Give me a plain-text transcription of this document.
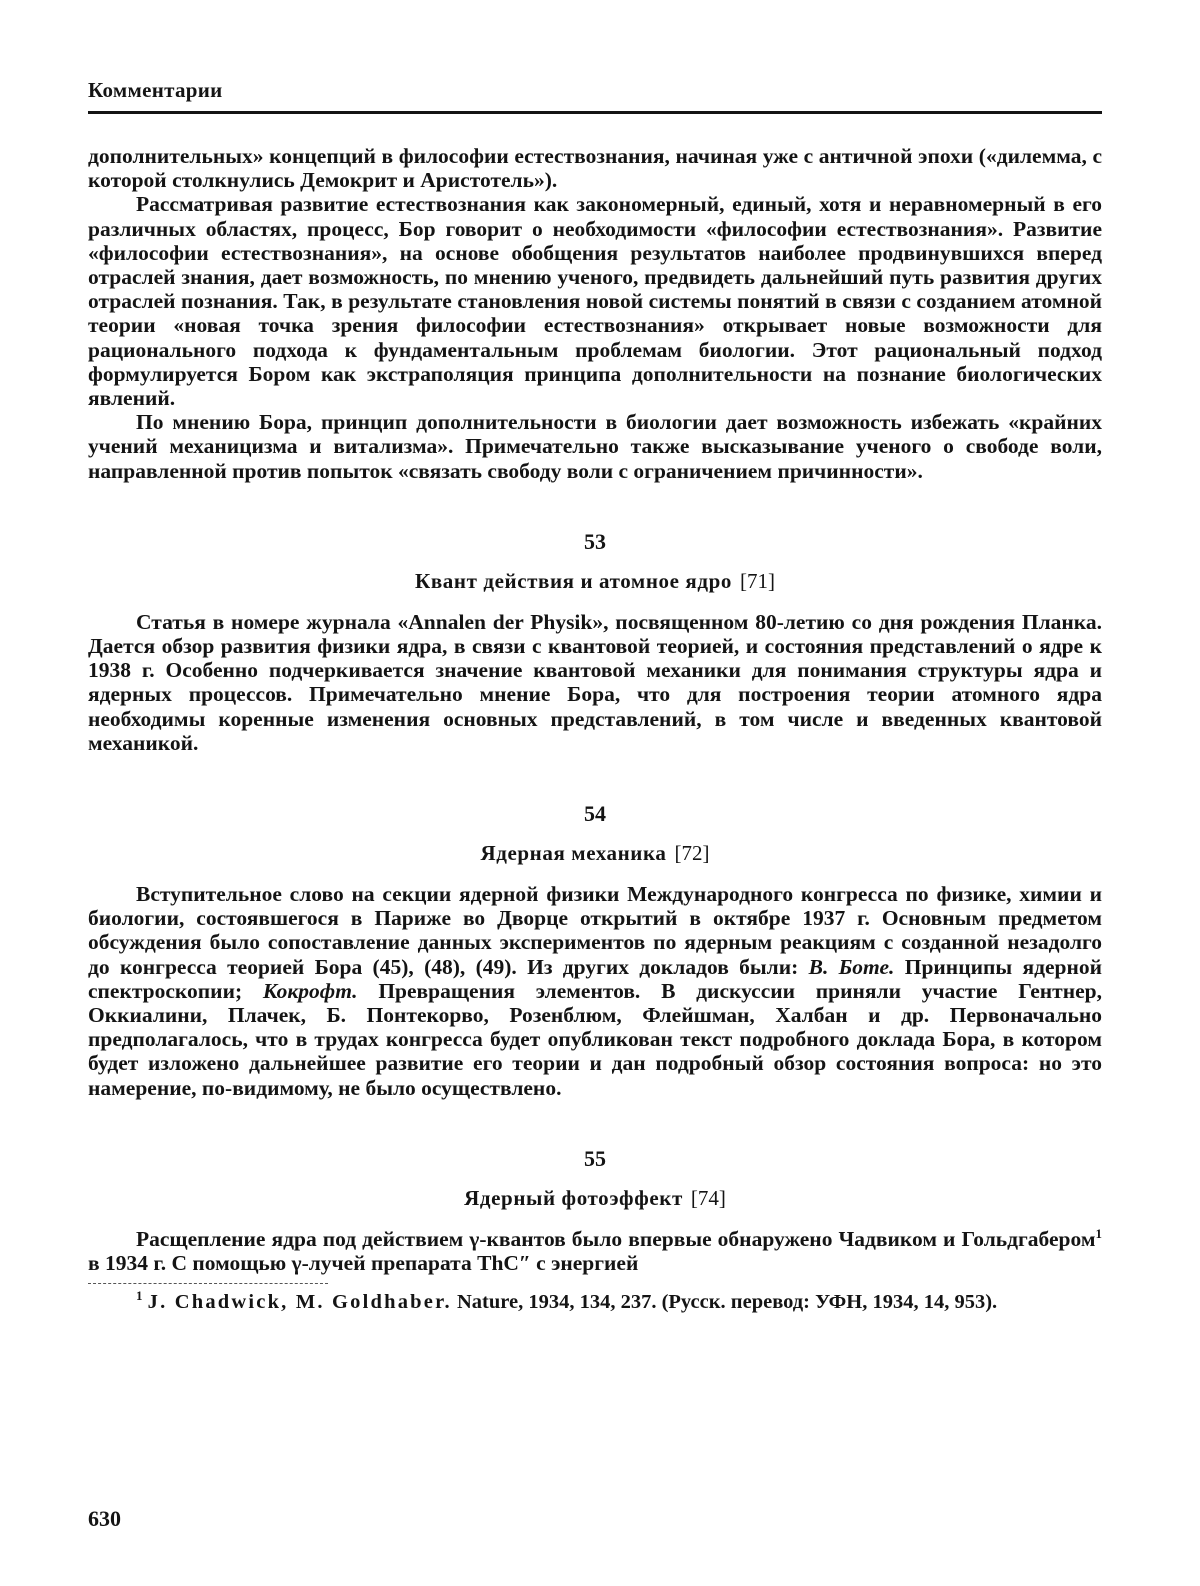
Комментарии

дополнительных» концепций в философии естествознания, начиная уже с античной эпохи («дилемма, с которой столкнулись Демокрит и Аристотель»).

Рассматривая развитие естествознания как закономерный, единый, хотя и неравномерный в его различных областях, процесс, Бор говорит о необходимости «философии естествознания». Развитие «философии естествознания», на основе обобщения результатов наиболее продвинувшихся вперед отраслей знания, дает возможность, по мнению ученого, предвидеть дальнейший путь развития других отраслей познания. Так, в результате становления новой системы понятий в связи с созданием атомной теории «новая точка зрения философии естествознания» открывает новые возможности для рационального подхода к фундаментальным проблемам биологии. Этот рациональный подход формулируется Бором как экстраполяция принципа дополнительности на познание биологических явлений.

По мнению Бора, принцип дополнительности в биологии дает возможность избежать «крайних учений механицизма и витализма». Примечательно также высказывание ученого о свободе воли, направленной против попыток «связать свободу воли с ограничением причинности».

53
Квант действия и атомное ядро [71]

Статья в номере журнала «Annalen der Physik», посвященном 80-летию со дня рождения Планка. Дается обзор развития физики ядра, в связи с квантовой теорией, и состояния представлений о ядре к 1938 г. Особенно подчеркивается значение квантовой механики для понимания структуры ядра и ядерных процессов. Примечательно мнение Бора, что для построения теории атомного ядра необходимы коренные изменения основных представлений, в том числе и введенных квантовой механикой.

54
Ядерная механика [72]

Вступительное слово на секции ядерной физики Международного конгресса по физике, химии и биологии, состоявшегося в Париже во Дворце открытий в октябре 1937 г. Основным предметом обсуждения было сопоставление данных экспериментов по ядерным реакциям с созданной незадолго до конгресса теорией Бора (45), (48), (49). Из других докладов были: В. Боте. Принципы ядерной спектроскопии; Кокрофт. Превращения элементов. В дискуссии приняли участие Гентнер, Оккиалини, Плачек, Б. Понтекорво, Розенблюм, Флейшман, Халбан и др. Первоначально предполагалось, что в трудах конгресса будет опубликован текст подробного доклада Бора, в котором будет изложено дальнейшее развитие его теории и дан подробный обзор состояния вопроса: но это намерение, по-видимому, не было осуществлено.

55
Ядерный фотоэффект [74]

Расщепление ядра под действием γ-квантов было впервые обнаружено Чадвиком и Гольдгабером$^1$ в 1934 г. С помощью γ-лучей препарата ThC″ с энергией

$^1$ J. Chadwick, M. Goldhaber. Nature, 1934, 134, 237. (Русск. перевод: УФН, 1934, 14, 953).

630
